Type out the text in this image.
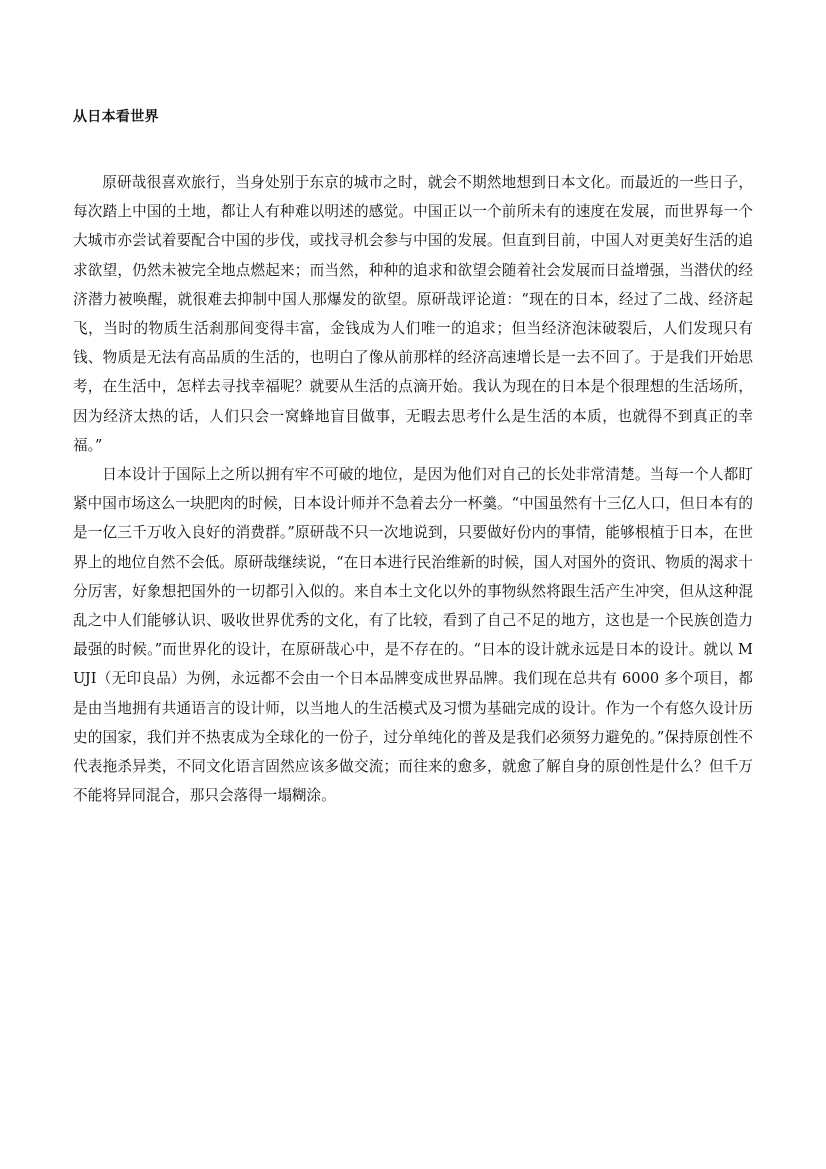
从日本看世界

原研哉很喜欢旅行，当身处别于东京的城市之时，就会不期然地想到日本文化。而最近的一些日子，每次踏上中国的土地，都让人有种难以明述的感觉。中国正以一个前所未有的速度在发展，而世界每一个大城市亦尝试着要配合中国的步伐，或找寻机会参与中国的发展。但直到目前，中国人对更美好生活的追求欲望，仍然未被完全地点燃起来；而当然，种种的追求和欲望会随着社会发展而日益增强，当潜伏的经济潜力被唤醒，就很难去抑制中国人那爆发的欲望。原研哉评论道：“现在的日本，经过了二战、经济起飞，当时的物质生活刹那间变得丰富，金钱成为人们唯一的追求；但当经济泡沫破裂后，人们发现只有钱、物质是无法有高品质的生活的，也明白了像从前那样的经济高速增长是一去不回了。于是我们开始思考，在生活中，怎样去寻找幸福呢？就要从生活的点滴开始。我认为现在的日本是个很理想的生活场所，因为经济太热的话，人们只会一窝蜂地盲目做事，无暇去思考什么是生活的本质，也就得不到真正的幸福。”

日本设计于国际上之所以拥有牢不可破的地位，是因为他们对自己的长处非常清楚。当每一个人都盯紧中国市场这么一块肥肉的时候，日本设计师并不急着去分一杯羹。“中国虽然有十三亿人口，但日本有的是一亿三千万收入良好的消费群。”原研哉不只一次地说到，只要做好份内的事情，能够根植于日本，在世界上的地位自然不会低。原研哉继续说，“在日本进行民治维新的时候，国人对国外的资讯、物质的渴求十分厉害，好象想把国外的一切都引入似的。来自本土文化以外的事物纵然将跟生活产生冲突，但从这种混乱之中人们能够认识、吸收世界优秀的文化，有了比较，看到了自己不足的地方，这也是一个民族创造力最强的时候。”而世界化的设计，在原研哉心中，是不存在的。“日本的设计就永远是日本的设计。就以 MUJI（无印良品）为例，永远都不会由一个日本品牌变成世界品牌。我们现在总共有 6000 多个项目，都是由当地拥有共通语言的设计师，以当地人的生活模式及习惯为基础完成的设计。作为一个有悠久设计历史的国家，我们并不热衷成为全球化的一份子，过分单纯化的普及是我们必须努力避免的。”保持原创性不代表拖杀异类，不同文化语言固然应该多做交流；而往来的愈多，就愈了解自身的原创性是什么？但千万不能将异同混合，那只会落得一塌糊涂。
